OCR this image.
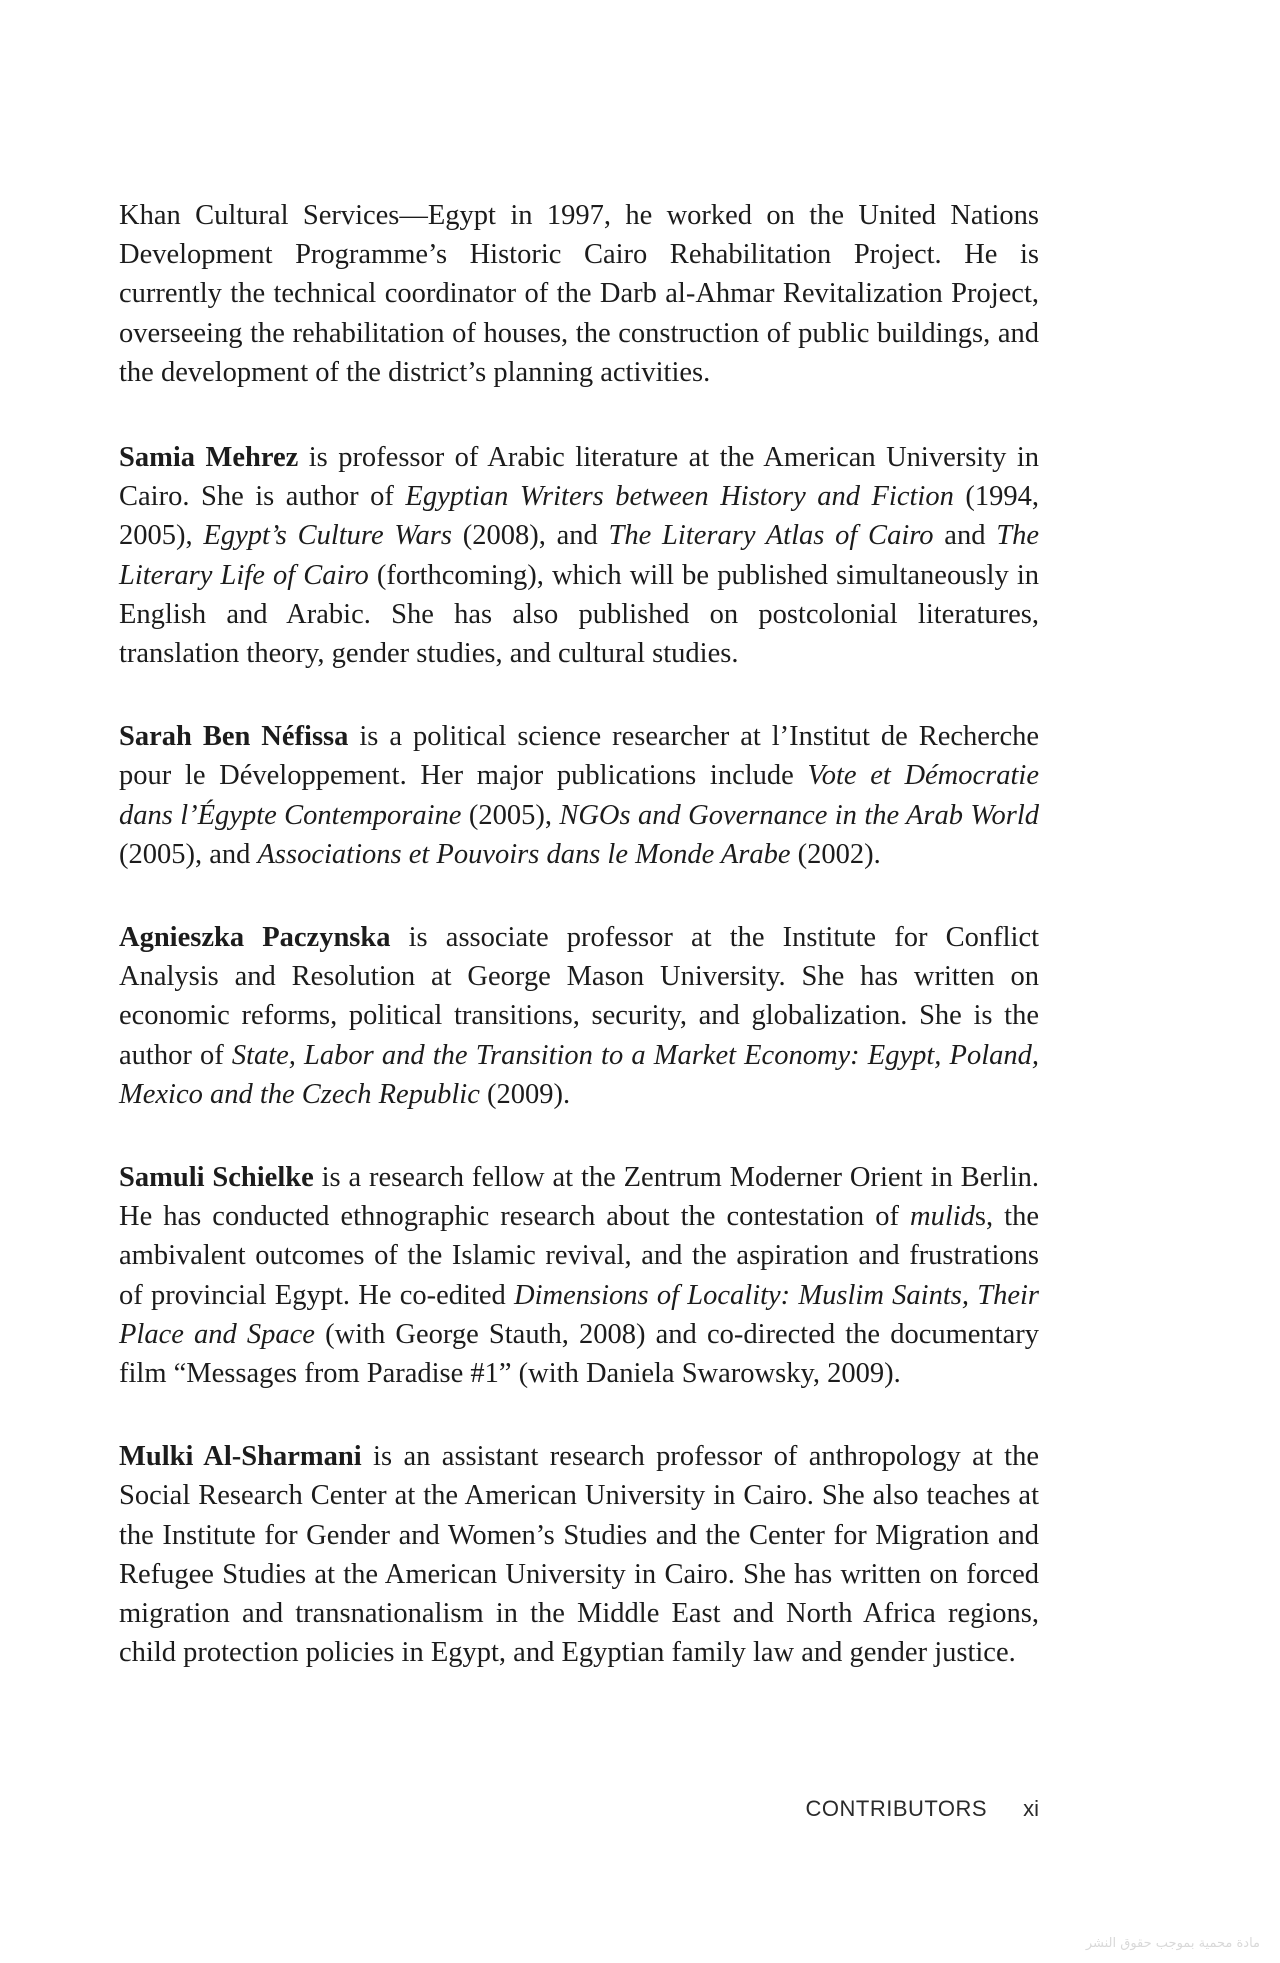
Khan Cultural Services—Egypt in 1997, he worked on the United Nations Development Programme’s Historic Cairo Rehabilitation Project. He is currently the technical coordinator of the Darb al-Ahmar Revitalization Project, overseeing the rehabilitation of houses, the construction of public buildings, and the development of the district’s planning activities.

Samia Mehrez is professor of Arabic literature at the American University in Cairo. She is author of Egyptian Writers between History and Fiction (1994, 2005), Egypt’s Culture Wars (2008), and The Literary Atlas of Cairo and The Literary Life of Cairo (forthcoming), which will be published simultaneously in English and Arabic. She has also published on postcolonial literatures, translation theory, gender studies, and cultural studies.

Sarah Ben Néfissa is a political science researcher at l’Institut de Recherche pour le Développement. Her major publications include Vote et Démocratie dans l’Égypte Contemporaine (2005), NGOs and Governance in the Arab World (2005), and Associations et Pouvoirs dans le Monde Arabe (2002).

Agnieszka Paczynska is associate professor at the Institute for Conflict Analysis and Resolution at George Mason University. She has written on economic reforms, political transitions, security, and globalization. She is the author of State, Labor and the Transition to a Market Economy: Egypt, Poland, Mexico and the Czech Republic (2009).

Samuli Schielke is a research fellow at the Zentrum Moderner Orient in Berlin. He has conducted ethnographic research about the contestation of mulids, the ambivalent outcomes of the Islamic revival, and the aspiration and frustrations of provincial Egypt. He co-edited Dimensions of Locality: Muslim Saints, Their Place and Space (with George Stauth, 2008) and co-directed the documentary film “Messages from Paradise #1” (with Daniela Swarowsky, 2009).

Mulki Al-Sharmani is an assistant research professor of anthropology at the Social Research Center at the American University in Cairo. She also teaches at the Institute for Gender and Women’s Studies and the Center for Migration and Refugee Studies at the American University in Cairo. She has written on forced migration and transnationalism in the Middle East and North Africa regions, child protection policies in Egypt, and Egyptian family law and gender justice.

CONTRIBUTORS xi
مادة محمية بموجب حقوق النشر
